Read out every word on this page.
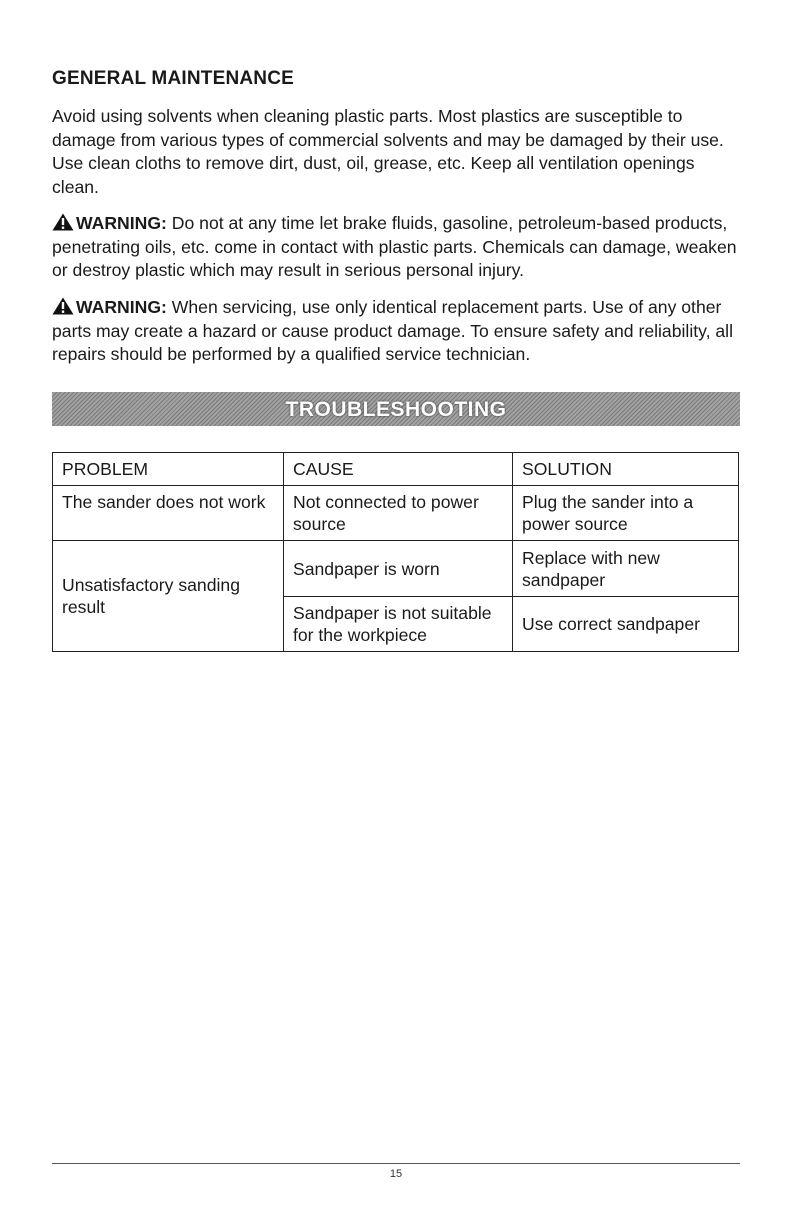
GENERAL MAINTENANCE

Avoid using solvents when cleaning plastic parts. Most plastics are susceptible to damage from various types of commercial solvents and may be damaged by their use. Use clean cloths to remove dirt, dust, oil, grease, etc. Keep all ventilation openings clean.

WARNING: Do not at any time let brake fluids, gasoline, petroleum-based products, penetrating oils, etc. come in contact with plastic parts. Chemicals can damage, weaken or destroy plastic which may result in serious personal injury.

WARNING: When servicing, use only identical replacement parts. Use of any other parts may create a hazard or cause product damage. To ensure safety and reliability, all repairs should be performed by a qualified service technician.

TROUBLESHOOTING
PROBLEM	CAUSE	SOLUTION
The sander does not work	Not connected to power source	Plug the sander into a power source
Unsatisfactory sanding result	Sandpaper is worn	Replace with new sandpaper
	Sandpaper is not suitable for the workpiece	Use correct sandpaper
15
